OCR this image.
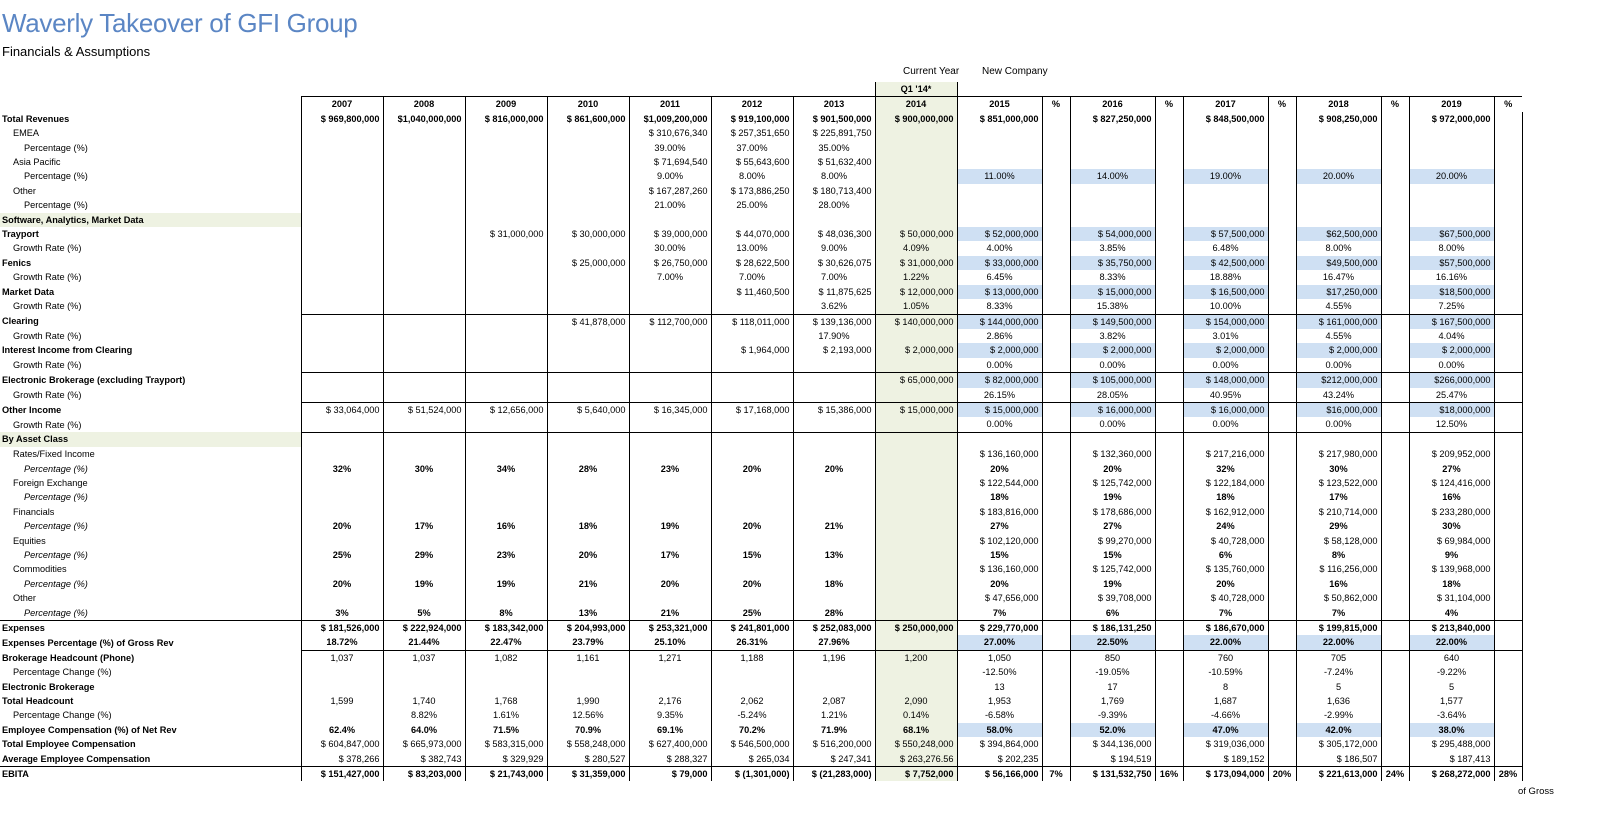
Waverly Takeover of GFI Group
Financials & Assumptions
Current Year New Company
								Q1 '14*										
	2007	2008	2009	2010	2011	2012	2013	2014	2015	%	2016	%	2017	%	2018	%	2019	%
Total Revenues	$ 969,800,000	$1,040,000,000	$ 816,000,000	$ 861,600,000	$1,009,200,000	$ 919,100,000	$ 901,500,000	$ 900,000,000	$ 851,000,000		$ 827,250,000		$ 848,500,000		$ 908,250,000		$ 972,000,000	
EMEA					$ 310,676,340	$ 257,351,650	$ 225,891,750											
Percentage (%)					39.00%	37.00%	35.00%											
Asia Pacific					$ 71,694,540	$ 55,643,600	$ 51,632,400											
Percentage (%)					9.00%	8.00%	8.00%		11.00%		14.00%		19.00%		20.00%		20.00%	
Other					$ 167,287,260	$ 173,886,250	$ 180,713,400											
Percentage (%)					21.00%	25.00%	28.00%											
Software, Analytics, Market Data																		
Trayport			$ 31,000,000	$ 30,000,000	$ 39,000,000	$ 44,070,000	$ 48,036,300	$ 50,000,000	$ 52,000,000		$ 54,000,000		$ 57,500,000		$62,500,000		$67,500,000	
Growth Rate (%)					30.00%	13.00%	9.00%	4.09%	4.00%		3.85%		6.48%		8.00%		8.00%	
Fenics				$ 25,000,000	$ 26,750,000	$ 28,622,500	$ 30,626,075	$ 31,000,000	$ 33,000,000		$ 35,750,000		$ 42,500,000		$49,500,000		$57,500,000	
Growth Rate (%)					7.00%	7.00%	7.00%	1.22%	6.45%		8.33%		18.88%		16.47%		16.16%	
Market Data						$ 11,460,500	$ 11,875,625	$ 12,000,000	$ 13,000,000		$ 15,000,000		$ 16,500,000		$17,250,000		$18,500,000	
Growth Rate (%)							3.62%	1.05%	8.33%		15.38%		10.00%		4.55%		7.25%	
Clearing				$ 41,878,000	$ 112,700,000	$ 118,011,000	$ 139,136,000	$ 140,000,000	$ 144,000,000		$ 149,500,000		$ 154,000,000		$ 161,000,000		$ 167,500,000	
Growth Rate (%)							17.90%		2.86%		3.82%		3.01%		4.55%		4.04%	
Interest Income from Clearing						$ 1,964,000	$ 2,193,000	$ 2,000,000	$ 2,000,000		$ 2,000,000		$ 2,000,000		$ 2,000,000		$ 2,000,000	
Growth Rate (%)									0.00%		0.00%		0.00%		0.00%		0.00%	
Electronic Brokerage (excluding Trayport)								$ 65,000,000	$ 82,000,000		$ 105,000,000		$ 148,000,000		$212,000,000		$266,000,000	
Growth Rate (%)									26.15%		28.05%		40.95%		43.24%		25.47%	
Other Income	$ 33,064,000	$ 51,524,000	$ 12,656,000	$ 5,640,000	$ 16,345,000	$ 17,168,000	$ 15,386,000	$ 15,000,000	$ 15,000,000		$ 16,000,000		$ 16,000,000		$16,000,000		$18,000,000	
Growth Rate (%)									0.00%		0.00%		0.00%		0.00%		12.50%	
By Asset Class																		
Rates/Fixed Income									$ 136,160,000		$ 132,360,000		$ 217,216,000		$ 217,980,000		$ 209,952,000	
Percentage (%)	32%	30%	34%	28%	23%	20%	20%		20%		20%		32%		30%		27%	
Foreign Exchange									$ 122,544,000		$ 125,742,000		$ 122,184,000		$ 123,522,000		$ 124,416,000	
Percentage (%)									18%		19%		18%		17%		16%	
Financials									$ 183,816,000		$ 178,686,000		$ 162,912,000		$ 210,714,000		$ 233,280,000	
Percentage (%)	20%	17%	16%	18%	19%	20%	21%		27%		27%		24%		29%		30%	
Equities									$ 102,120,000		$ 99,270,000		$ 40,728,000		$ 58,128,000		$ 69,984,000	
Percentage (%)	25%	29%	23%	20%	17%	15%	13%		15%		15%		6%		8%		9%	
Commodities									$ 136,160,000		$ 125,742,000		$ 135,760,000		$ 116,256,000		$ 139,968,000	
Percentage (%)	20%	19%	19%	21%	20%	20%	18%		20%		19%		20%		16%		18%	
Other									$ 47,656,000		$ 39,708,000		$ 40,728,000		$ 50,862,000		$ 31,104,000	
Percentage (%)	3%	5%	8%	13%	21%	25%	28%		7%		6%		7%		7%		4%	
Expenses	$ 181,526,000	$ 222,924,000	$ 183,342,000	$ 204,993,000	$ 253,321,000	$ 241,801,000	$ 252,083,000	$ 250,000,000	$ 229,770,000		$ 186,131,250		$ 186,670,000		$ 199,815,000		$ 213,840,000	
Expenses Percentage (%) of Gross Rev	18.72%	21.44%	22.47%	23.79%	25.10%	26.31%	27.96%		27.00%		22.50%		22.00%		22.00%		22.00%	
Brokerage Headcount (Phone)	1,037	1,037	1,082	1,161	1,271	1,188	1,196	1,200	1,050		850		760		705		640	
Percentage Change (%)									-12.50%		-19.05%		-10.59%		-7.24%		-9.22%	
Electronic Brokerage									13		17		8		5		5	
Total Headcount	1,599	1,740	1,768	1,990	2,176	2,062	2,087	2,090	1,953		1,769		1,687		1,636		1,577	
Percentage Change (%)		8.82%	1.61%	12.56%	9.35%	-5.24%	1.21%	0.14%	-6.58%		-9.39%		-4.66%		-2.99%		-3.64%	
Employee Compensation (%) of Net Rev	62.4%	64.0%	71.5%	70.9%	69.1%	70.2%	71.9%	68.1%	58.0%		52.0%		47.0%		42.0%		38.0%	
Total Employee Compensation	$ 604,847,000	$ 665,973,000	$ 583,315,000	$ 558,248,000	$ 627,400,000	$ 546,500,000	$ 516,200,000	$ 550,248,000	$ 394,864,000		$ 344,136,000		$ 319,036,000		$ 305,172,000		$ 295,488,000	
Average Employee Compensation	$ 378,266	$ 382,743	$ 329,929	$ 280,527	$ 288,327	$ 265,034	$ 247,341	$ 263,276.56	$ 202,235		$ 194,519		$ 189,152		$ 186,507		$ 187,413	
EBITA	$ 151,427,000	$ 83,203,000	$ 21,743,000	$ 31,359,000	$ 79,000	$ (1,301,000)	$ (21,283,000)	$ 7,752,000	$ 56,166,000	7%	$ 131,532,750	16%	$ 173,094,000	20%	$ 221,613,000	24%	$ 268,272,000	28%
of Gross
